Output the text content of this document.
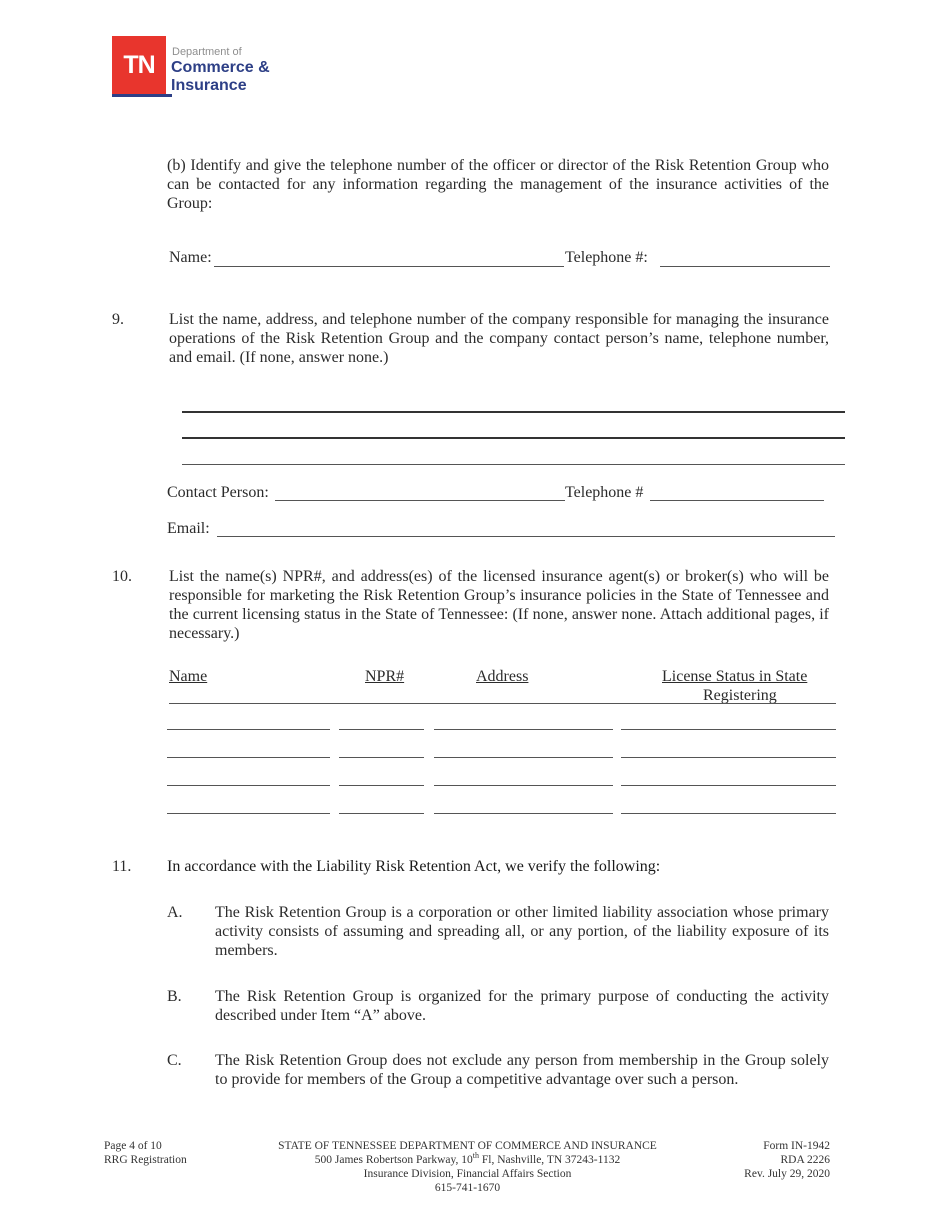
TN	Department of
Commerce &
Insurance
(b) Identify and give the telephone number of the officer or director of the Risk Retention Group who can be contacted for any information regarding the management of the insurance activities of the Group:
Name:	Telephone #:
9.	List the name, address, and telephone number of the company responsible for managing the insurance operations of the Risk Retention Group and the company contact person’s name, telephone number, and email. (If none, answer none.)
Contact Person:	Telephone #
Email:
10. List the name(s) NPR#, and address(es) of the licensed insurance agent(s) or broker(s) who will be responsible for marketing the Risk Retention Group’s insurance policies in the State of Tennessee and the current licensing status in the State of Tennessee: (If none, answer none. Attach additional pages, if necessary.)
Name	NPR#	Address	License Status in State
Registering
11. In accordance with the Liability Risk Retention Act, we verify the following:
A. The Risk Retention Group is a corporation or other limited liability association whose primary activity consists of assuming and spreading all, or any portion, of the liability exposure of its members.
B. The Risk Retention Group is organized for the primary purpose of conducting the activity described under Item “A” above.
C. The Risk Retention Group does not exclude any person from membership in the Group solely to provide for members of the Group a competitive advantage over such a person.
Page 4 of 10
RRG Registration
STATE OF TENNESSEE DEPARTMENT OF COMMERCE AND INSURANCE
500 James Robertson Parkway, 10th Fl, Nashville, TN 37243-1132
Insurance Division, Financial Affairs Section
615-741-1670
Form IN-1942
RDA 2226
Rev. July 29, 2020
